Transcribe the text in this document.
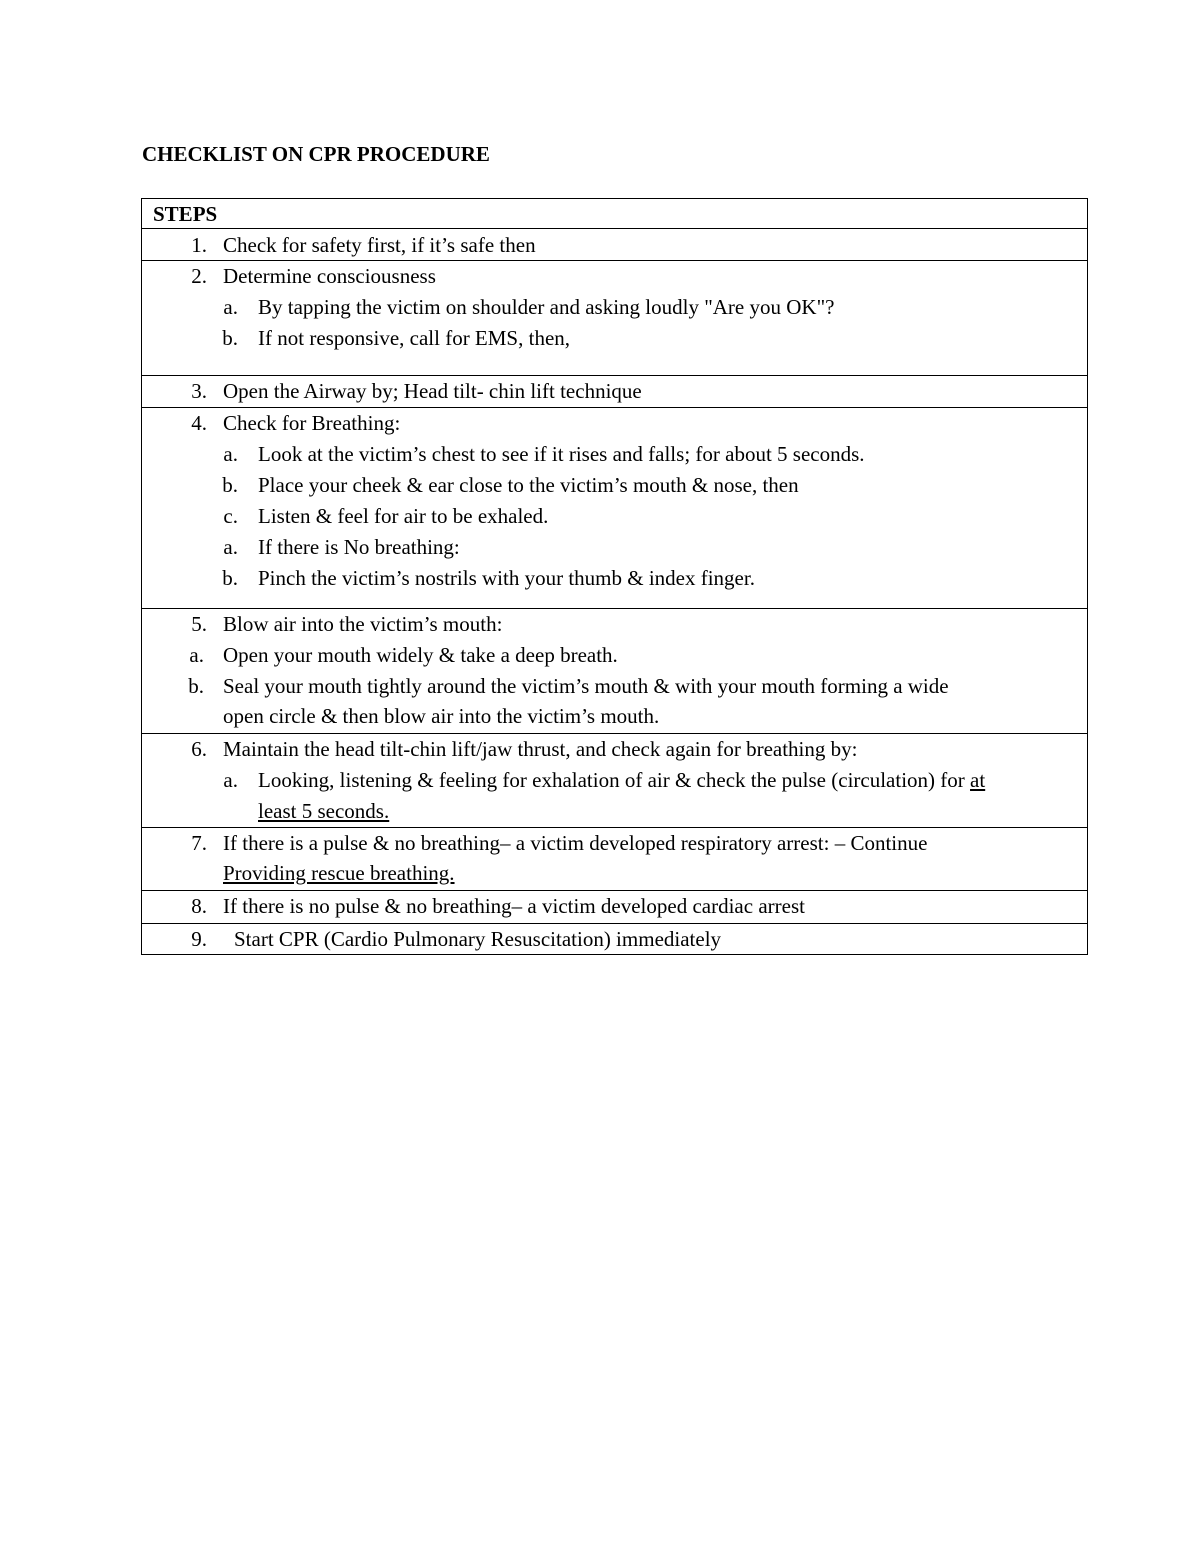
CHECKLIST ON CPR PROCEDURE
STEPS
1. Check for safety first, if it’s safe then
2. Determine consciousness
a. By tapping the victim on shoulder and asking loudly "Are you OK"?
b. If not responsive, call for EMS, then,
3. Open the Airway by; Head tilt- chin lift technique
4. Check for Breathing:
a. Look at the victim’s chest to see if it rises and falls; for about 5 seconds.
b. Place your cheek & ear close to the victim’s mouth & nose, then
c. Listen & feel for air to be exhaled.
a. If there is No breathing:
b. Pinch the victim’s nostrils with your thumb & index finger.
5. Blow air into the victim’s mouth:
a. Open your mouth widely & take a deep breath.
b. Seal your mouth tightly around the victim’s mouth & with your mouth forming a wide
open circle & then blow air into the victim’s mouth.
6. Maintain the head tilt-chin lift/jaw thrust, and check again for breathing by:
a. Looking, listening & feeling for exhalation of air & check the pulse (circulation) for at
least 5 seconds.
7. If there is a pulse & no breathing– a victim developed respiratory arrest: – Continue
Providing rescue breathing.
8. If there is no pulse & no breathing– a victim developed cardiac arrest
9. Start CPR (Cardio Pulmonary Resuscitation) immediately
